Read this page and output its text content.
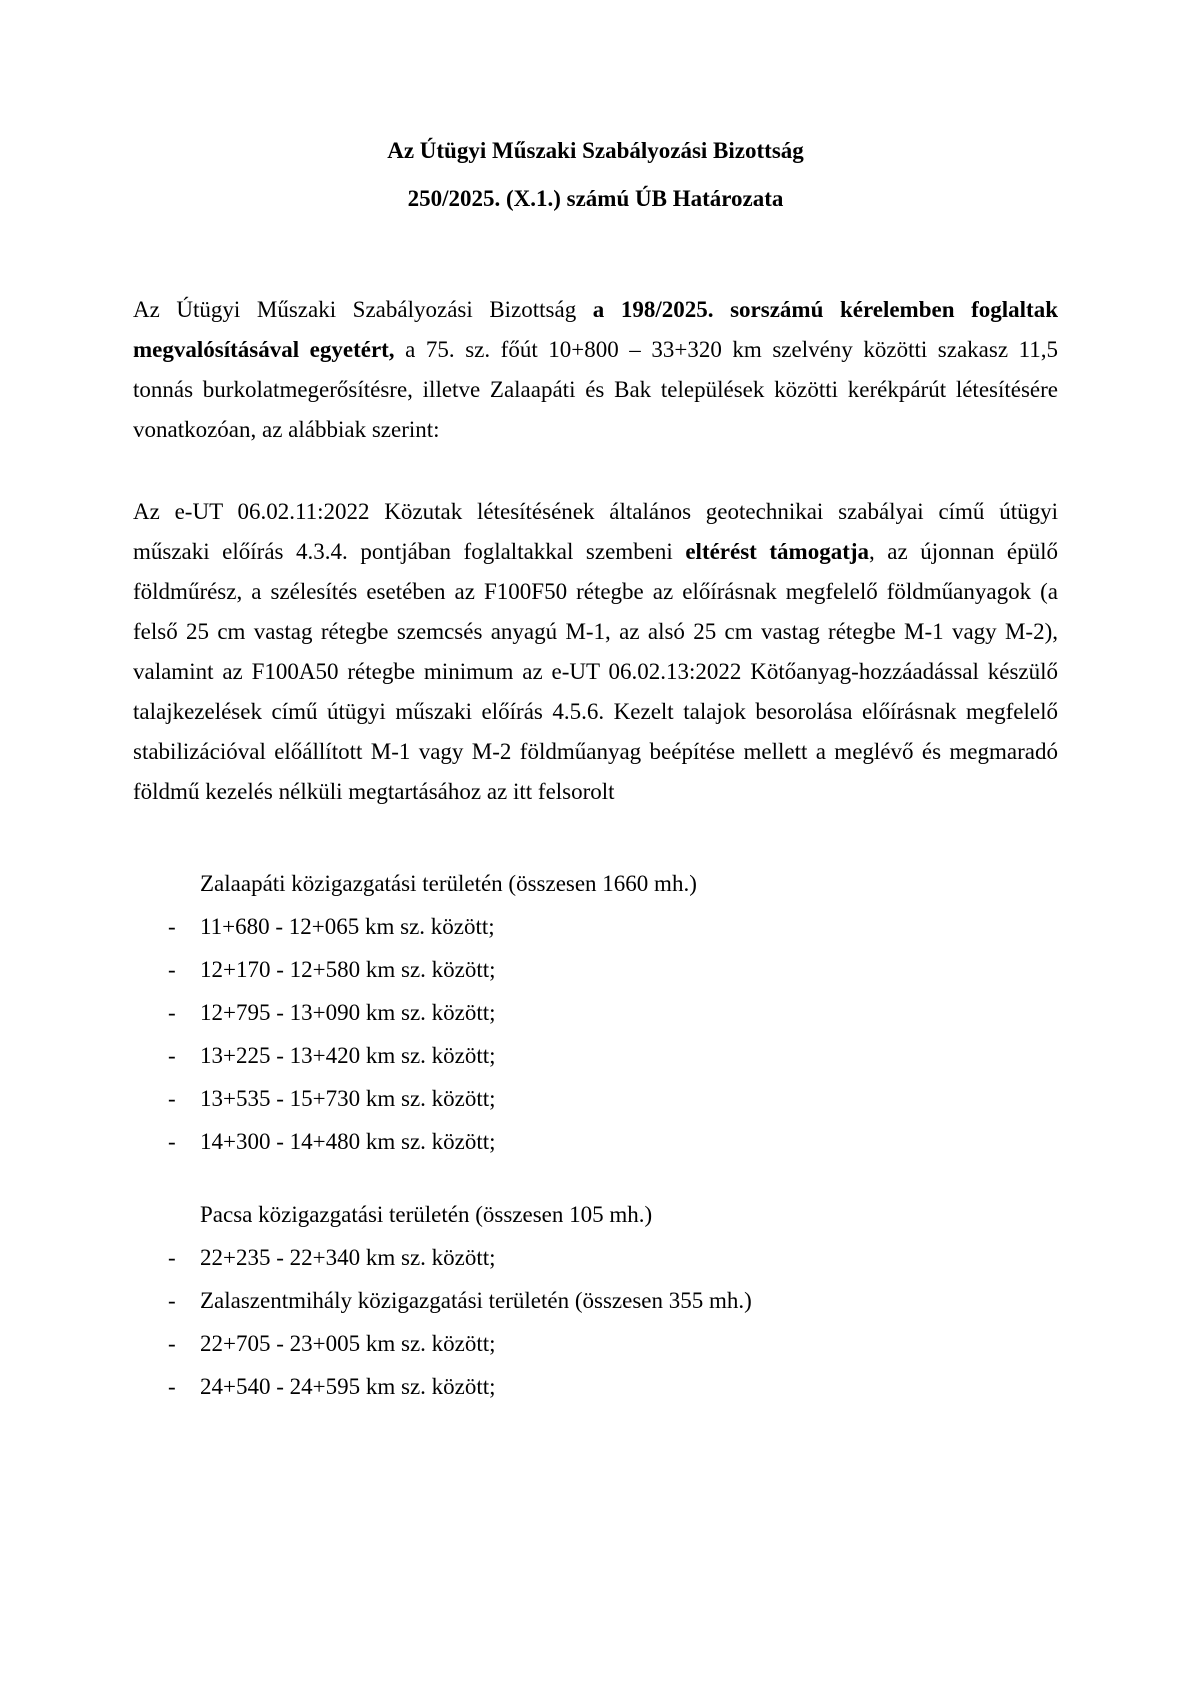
Az Útügyi Műszaki Szabályozási Bizottság

250/2025. (X.1.) számú ÚB Határozata

Az Útügyi Műszaki Szabályozási Bizottság a 198/2025. sorszámú kérelemben foglaltak megvalósításával egyetért, a 75. sz. főút 10+800 – 33+320 km szelvény közötti szakasz 11,5 tonnás burkolatmegerősítésre, illetve Zalaapáti és Bak települések közötti kerékpárút létesítésére vonatkozóan, az alábbiak szerint:

Az e-UT 06.02.11:2022 Közutak létesítésének általános geotechnikai szabályai című útügyi műszaki előírás 4.3.4. pontjában foglaltakkal szembeni eltérést támogatja, az újonnan épülő földműrész, a szélesítés esetében az F100F50 rétegbe az előírásnak megfelelő földműanyagok (a felső 25 cm vastag rétegbe szemcsés anyagú M-1, az alsó 25 cm vastag rétegbe M-1 vagy M-2), valamint az F100A50 rétegbe minimum az e-UT 06.02.13:2022 Kötőanyag-hozzáadással készülő talajkezelések című útügyi műszaki előírás 4.5.6. Kezelt talajok besorolása előírásnak megfelelő stabilizációval előállított M-1 vagy M-2 földműanyag beépítése mellett a meglévő és megmaradó földmű kezelés nélküli megtartásához az itt felsorolt

Zalaapáti közigazgatási területén (összesen 1660 mh.)

- 11+680 - 12+065 km sz. között;
- 12+170 - 12+580 km sz. között;
- 12+795 - 13+090 km sz. között;
- 13+225 - 13+420 km sz. között;
- 13+535 - 15+730 km sz. között;
- 14+300 - 14+480 km sz. között;

Pacsa közigazgatási területén (összesen 105 mh.)

- 22+235 - 22+340 km sz. között;
-	Zalaszentmihály közigazgatási területén (összesen 355 mh.)

- 22+705 - 23+005 km sz. között;
- 24+540 - 24+595 km sz. között;
